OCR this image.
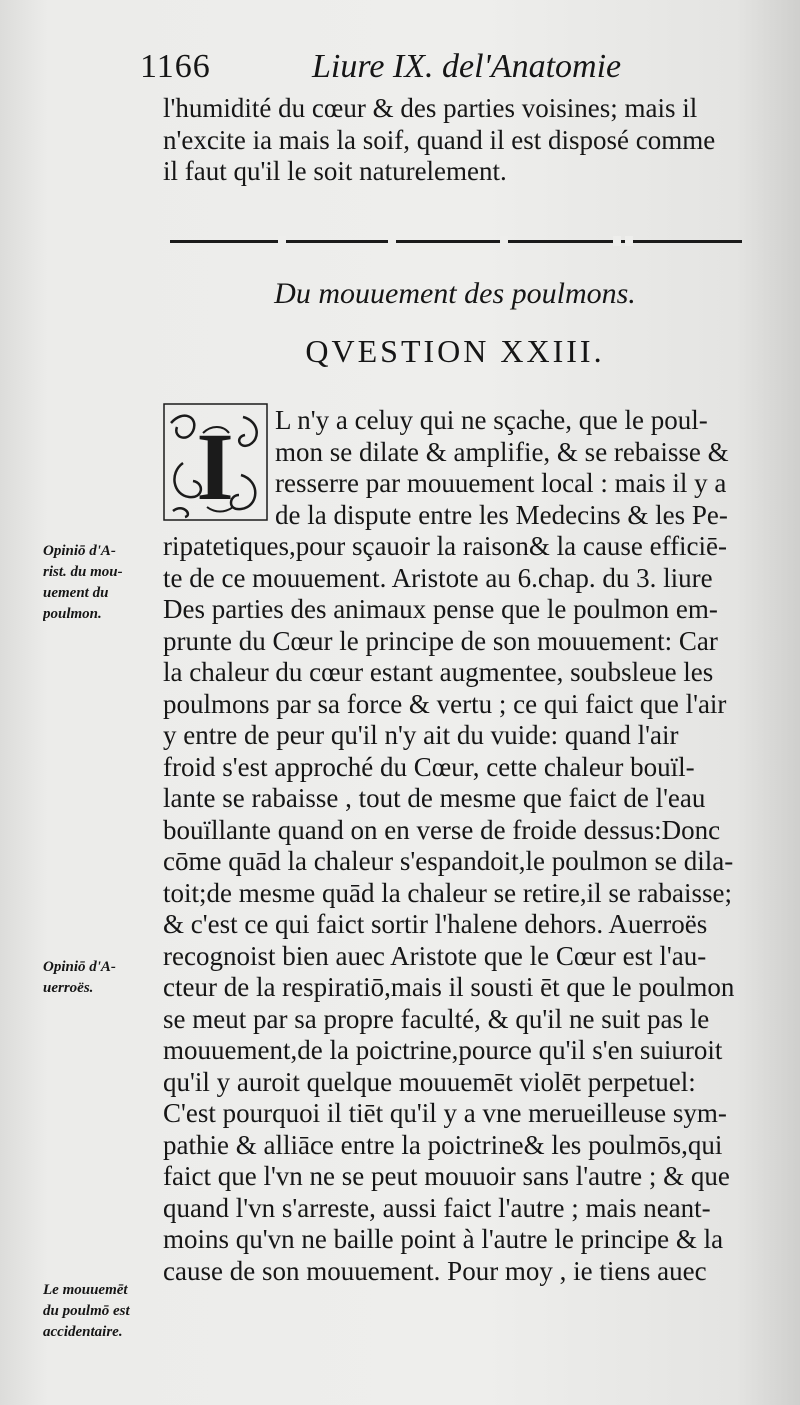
1166	Liure IX. del'Anatomie
l'humidité du cœur & des parties voisines; mais il
n'excite ia mais la soif, quand il est disposé comme
il faut qu'il le soit naturelement.
Du mouuement des poulmons.
QVESTION XXIII.
I	L n'y a celuy qui ne sçache, que le poul-
mon se dilate & amplifie, & se rebaisse &
resserre par mouuement local : mais il y a
de la dispute entre les Medecins & les Pe-
ripatetiques,pour sçauoir la raison& la cause efficiē-
te de ce mouuement. Aristote au 6.chap. du 3. liure
Des parties des animaux pense que le poulmon em-
prunte du Cœur le principe de son mouuement: Car
la chaleur du cœur estant augmentee, soubsleue les
poulmons par sa force & vertu ; ce qui faict que l'air
y entre de peur qu'il n'y ait du vuide: quand l'air
froid s'est approché du Cœur, cette chaleur bouïl-
lante se rabaisse , tout de mesme que faict de l'eau
bouïllante quand on en verse de froide dessus:Donc
cōme quād la chaleur s'espandoit,le poulmon se dila-
toit;de mesme quād la chaleur se retire,il se rabaisse;
& c'est ce qui faict sortir l'halene dehors. Auerroës
recognoist bien auec Aristote que le Cœur est l'au-
cteur de la respiratiō,mais il sousti ēt que le poulmon
se meut par sa propre faculté, & qu'il ne suit pas le
mouuement,de la poictrine,pource qu'il s'en suiuroit
qu'il y auroit quelque mouuemēt violēt perpetuel:
C'est pourquoi il tiēt qu'il y a vne merueilleuse sym-
pathie & alliāce entre la poictrine& les poulmōs,qui
faict que l'vn ne se peut mouuoir sans l'autre ; & que
quand l'vn s'arreste, aussi faict l'autre ; mais neant-
moins qu'vn ne baille point à l'autre le principe & la
cause de son mouuement. Pour moy , ie tiens auec
Opiniō d'A-
rist. du mou-
uement du
poulmon.
Opiniō d'A-
uerroës.
Le mouuemēt
du poulmō est
accidentaire.
